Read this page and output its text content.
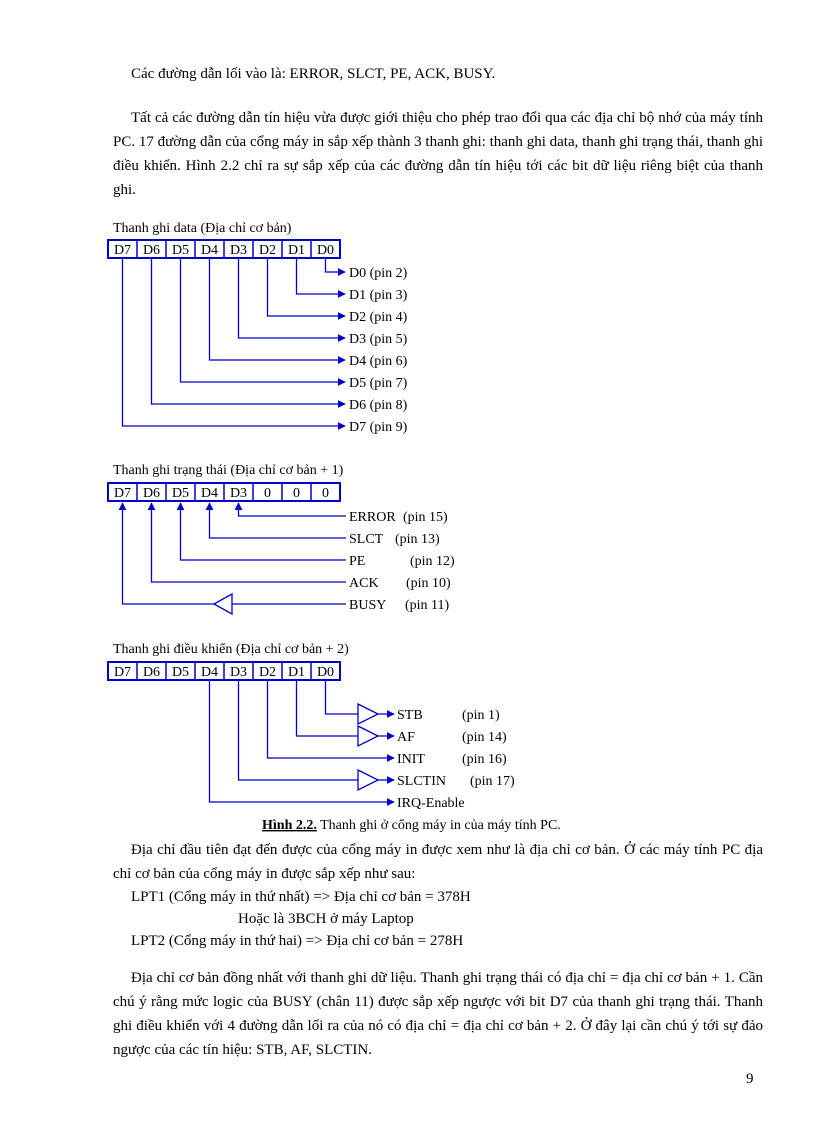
Các đường dẫn lối vào là: ERROR, SLCT, PE, ACK, BUSY.

Tất cả các đường dẫn tín hiệu vừa được giới thiệu cho phép trao đổi qua các địa chỉ bộ nhớ của máy tính PC. 17 đường dẫn của cổng máy in sắp xếp thành 3 thanh ghi: thanh ghi data, thanh ghi trạng thái, thanh ghi điều khiển. Hình 2.2 chỉ ra sự sắp xếp của các đường dẫn tín hiệu tới các bit dữ liệu riêng biệt của thanh ghi.

Thanh ghi data (Địa chỉ cơ bản)
Thanh ghi trạng thái (Địa chỉ cơ bản + 1)
Thanh ghi điều khiển (Địa chỉ cơ bản + 2)
D7 D6 D5 D4 D3 D2 D1 D0
D0 (pin 2)
D1 (pin 3)
D2 (pin 4)
D3 (pin 5)
D4 (pin 6)
D5 (pin 7)
D6 (pin 8)
D7 (pin 9)
D7 D6 D5 D4 D3 0 0 0
ERROR (pin 15)
SLCT (pin 13)
PE	(pin 12)
ACK (pin 10)
BUSY (pin 11)
D7 D6 D5 D4 D3 D2 D1 D0
STB	(pin 1)
AF	(pin 14)
INIT	(pin 16)
SLCTIN (pin 17)
IRQ-Enable
Hình 2.2. Thanh ghi ở cổng máy in của máy tính PC.

Địa chỉ đầu tiên đạt đến được của cổng máy in được xem như là địa chỉ cơ bản. Ở các máy tính PC địa chỉ cơ bản của cổng máy in được sắp xếp như sau:

LPT1 (Cổng máy in thứ nhất) => Địa chỉ cơ bản = 378H

Hoặc là 3BCH ở máy Laptop

LPT2 (Cổng máy in thứ hai) => Địa chỉ cơ bản = 278H

Địa chỉ cơ bản đồng nhất với thanh ghi dữ liệu. Thanh ghi trạng thái có địa chỉ = địa chỉ cơ bản + 1. Cần chú ý rằng mức logic của BUSY (chân 11) được sắp xếp ngược với bit D7 của thanh ghi trạng thái. Thanh ghi điều khiển với 4 đường dẫn lối ra của nó có địa chỉ = địa chỉ cơ bản + 2. Ở đây lại cần chú ý tới sự đảo ngược của các tín hiệu: STB, AF, SLCTIN.

9
